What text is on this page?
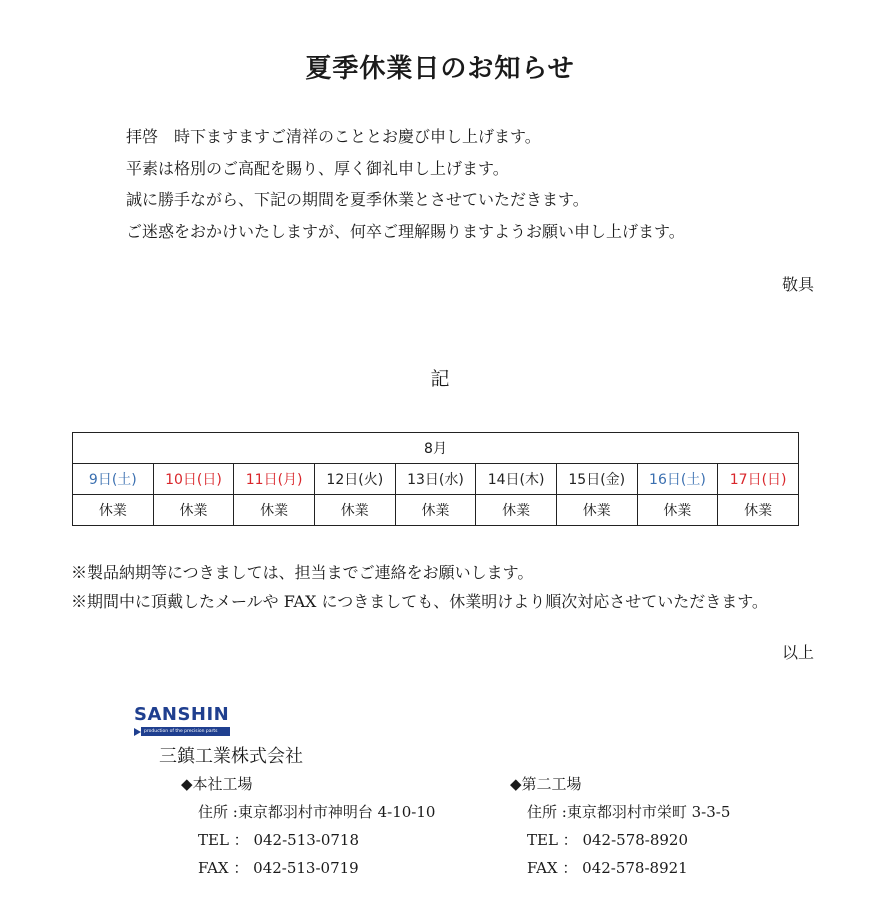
夏季休業日のお知らせ
拝啓　時下ますますご清祥のこととお慶び申し上げます。
平素は格別のご高配を賜り、厚く御礼申し上げます。
誠に勝手ながら、下記の期間を夏季休業とさせていただきます。
ご迷惑をおかけいたしますが、何卒ご理解賜りますようお願い申し上げます。
敬具
記
8月								
9日(土)	10日(日)	11日(月)	12日(火)	13日(水)	14日(木)	15日(金)	16日(土)	17日(日)
休業	休業	休業	休業	休業	休業	休業	休業	休業
※製品納期等につきましては、担当までご連絡をお願いします。
※期間中に頂戴したメールや FAX につきましても、休業明けより順次対応させていただきます。
以上
SANSHIN
production of the precision parts
三鎮工業株式会社
◆本社工場
住所 :東京都羽村市神明台 4-10-10
TEL ： 042-513-0718
FAX ： 042-513-0719
◆第二工場
住所 :東京都羽村市栄町 3-3-5
TEL ： 042-578-8920
FAX ： 042-578-8921
